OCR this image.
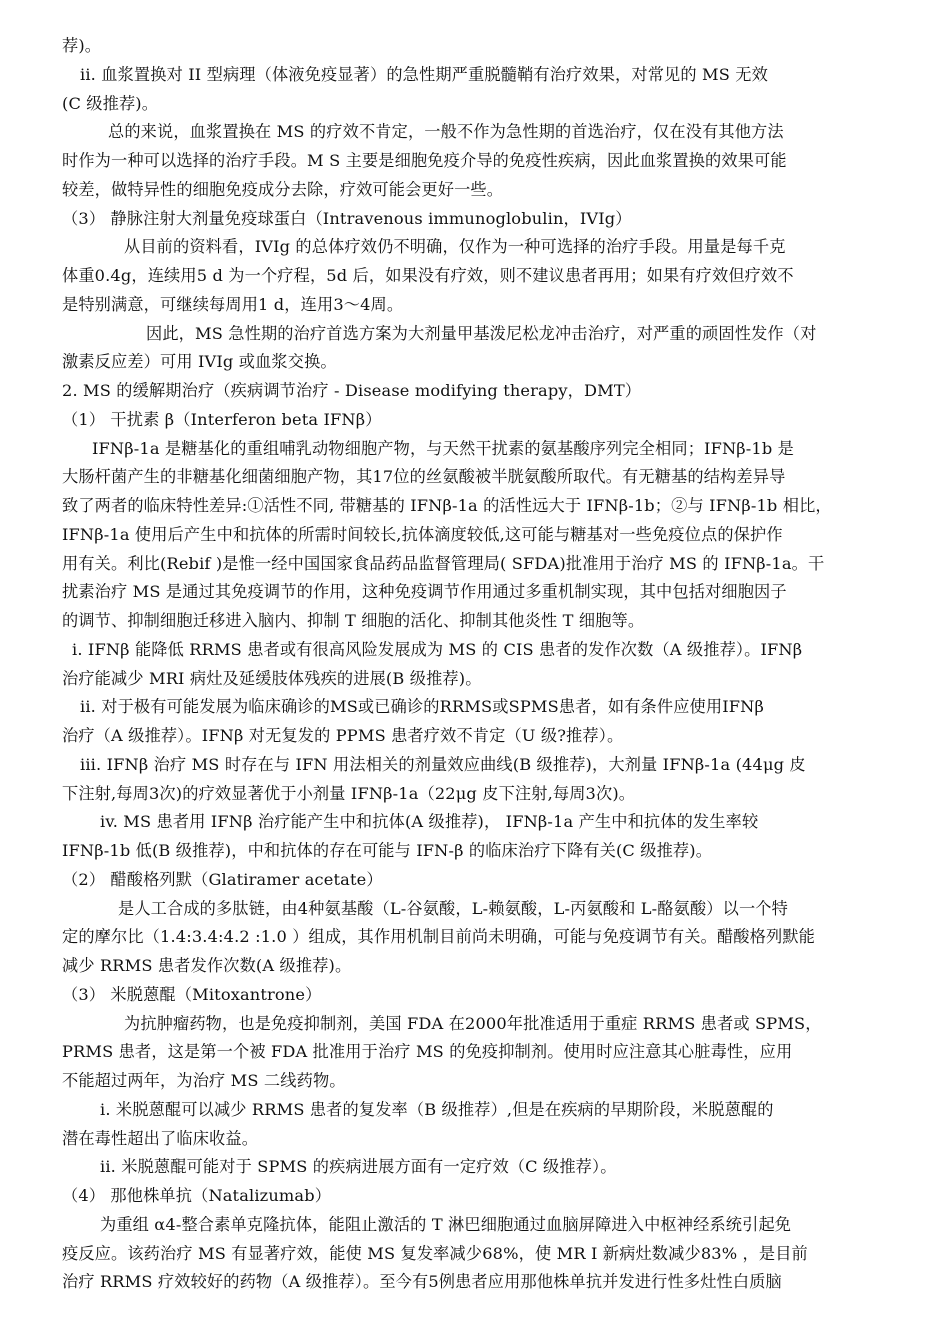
荐)。
ii. 血浆置换对 II 型病理（体液免疫显著）的急性期严重脱髓鞘有治疗效果，对常见的 MS 无效
(C 级推荐)。
总的来说，血浆置换在 MS 的疗效不肯定，一般不作为急性期的首选治疗，仅在没有其他方法
时作为一种可以选择的治疗手段。M S 主要是细胞免疫介导的免疫性疾病，因此血浆置换的效果可能
较差，做特异性的细胞免疫成分去除，疗效可能会更好一些。
（3） 静脉注射大剂量免疫球蛋白（Intravenous immunoglobulin，IVIg）
从目前的资料看，IVIg 的总体疗效仍不明确，仅作为一种可选择的治疗手段。用量是每千克
体重0.4g，连续用5 d 为一个疗程，5d 后，如果没有疗效，则不建议患者再用；如果有疗效但疗效不
是特别满意，可继续每周用1 d，连用3～4周。
因此，MS 急性期的治疗首选方案为大剂量甲基泼尼松龙冲击治疗，对严重的顽固性发作（对
激素反应差）可用 IVIg 或血浆交换。
2. MS 的缓解期治疗（疾病调节治疗 - Disease modifying therapy，DMT）
（1） 干扰素 β（Interferon beta IFNβ）
IFNβ-1a 是糖基化的重组哺乳动物细胞产物，与天然干扰素的氨基酸序列完全相同；IFNβ-1b 是
大肠杆菌产生的非糖基化细菌细胞产物，其17位的丝氨酸被半胱氨酸所取代。有无糖基的结构差异导
致了两者的临床特性差异:①活性不同, 带糖基的 IFNβ-1a 的活性远大于 IFNβ-1b；②与 IFNβ-1b 相比，
IFNβ-1a 使用后产生中和抗体的所需时间较长,抗体滴度较低,这可能与糖基对一些免疫位点的保护作
用有关。利比(Rebif )是惟一经中国国家食品药品监督管理局( SFDA)批准用于治疗 MS 的 IFNβ-1a。干
扰素治疗 MS 是通过其免疫调节的作用，这种免疫调节作用通过多重机制实现，其中包括对细胞因子
的调节、抑制细胞迁移进入脑内、抑制 T 细胞的活化、抑制其他炎性 T 细胞等。
i. IFNβ 能降低 RRMS 患者或有很高风险发展成为 MS 的 CIS 患者的发作次数（A 级推荐）。IFNβ
治疗能减少 MRI 病灶及延缓肢体残疾的进展(B 级推荐)。
ii. 对于极有可能发展为临床确诊的MS或已确诊的RRMS或SPMS患者，如有条件应使用IFNβ
治疗（A 级推荐）。IFNβ 对无复发的 PPMS 患者疗效不肯定（U 级?推荐）。
iii. IFNβ 治疗 MS 时存在与 IFN 用法相关的剂量效应曲线(B 级推荐)，大剂量 IFNβ-1a (44μg 皮
下注射,每周3次)的疗效显著优于小剂量 IFNβ-1a（22μg 皮下注射,每周3次)。
iv. MS 患者用 IFNβ 治疗能产生中和抗体(A 级推荐)， IFNβ-1a 产生中和抗体的发生率较
IFNβ-1b 低(B 级推荐)，中和抗体的存在可能与 IFN-β 的临床治疗下降有关(C 级推荐)。
（2） 醋酸格列默（Glatiramer acetate）
是人工合成的多肽链，由4种氨基酸（L-谷氨酸，L-赖氨酸，L-丙氨酸和 L-酪氨酸）以一个特
定的摩尔比（1.4:3.4:4.2 :1.0 ）组成，其作用机制目前尚未明确，可能与免疫调节有关。醋酸格列默能
减少 RRMS 患者发作次数(A 级推荐)。
（3） 米脱蒽醌（Mitoxantrone）
为抗肿瘤药物，也是免疫抑制剂，美国 FDA 在2000年批准适用于重症 RRMS 患者或 SPMS，
PRMS 患者，这是第一个被 FDA 批准用于治疗 MS 的免疫抑制剂。使用时应注意其心脏毒性，应用
不能超过两年，为治疗 MS 二线药物。
i. 米脱蒽醌可以减少 RRMS 患者的复发率（B 级推荐）,但是在疾病的早期阶段，米脱蒽醌的
潜在毒性超出了临床收益。
ii. 米脱蒽醌可能对于 SPMS 的疾病进展方面有一定疗效（C 级推荐）。
（4） 那他株单抗（Natalizumab）
为重组 α4-整合素单克隆抗体，能阻止激活的 T 淋巴细胞通过血脑屏障进入中枢神经系统引起免
疫反应。该药治疗 MS 有显著疗效，能使 MS 复发率减少68%，使 MR I 新病灶数减少83% ，是目前
治疗 RRMS 疗效较好的药物（A 级推荐）。至今有5例患者应用那他株单抗并发进行性多灶性白质脑
